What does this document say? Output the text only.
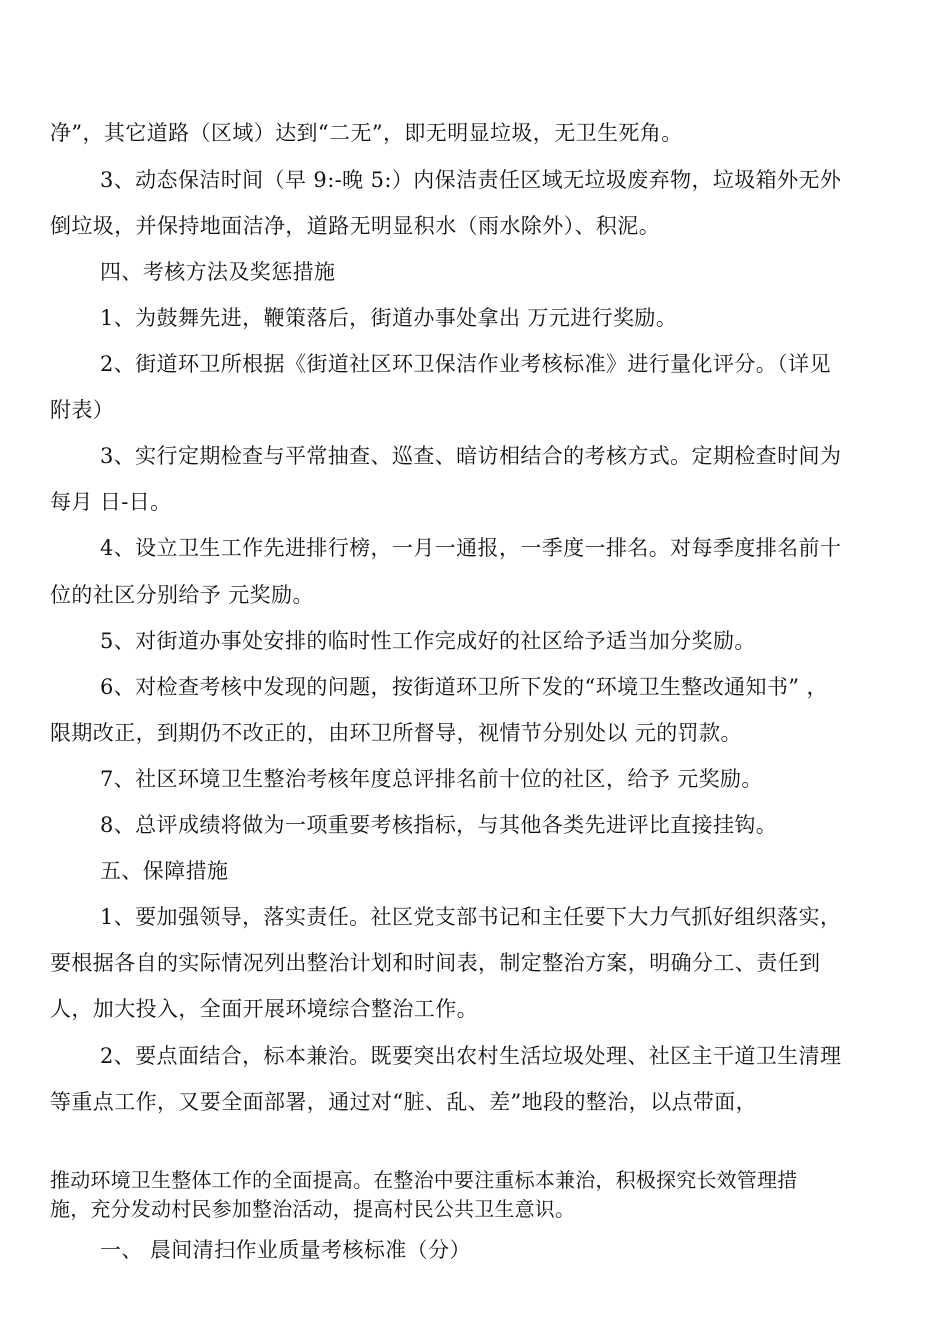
净”，其它道路（区域）达到“二无”，即无明显垃圾，无卫生死角。
3、动态保洁时间（早 9:-晚 5:）内保洁责任区域无垃圾废弃物，垃圾箱外无外
倒垃圾，并保持地面洁净，道路无明显积水（雨水除外）、积泥。
四、考核方法及奖惩措施
1、为鼓舞先进，鞭策落后，街道办事处拿出 万元进行奖励。
2、街道环卫所根据《街道社区环卫保洁作业考核标准》进行量化评分。（详见
附表）
3、实行定期检查与平常抽查、巡查、暗访相结合的考核方式。定期检查时间为
每月 日-日。
4、设立卫生工作先进排行榜，一月一通报，一季度一排名。对每季度排名前十
位的社区分别给予 元奖励。
5、对街道办事处安排的临时性工作完成好的社区给予适当加分奖励。
6、对检查考核中发现的问题，按街道环卫所下发的“环境卫生整改通知书” ，
限期改正，到期仍不改正的，由环卫所督导，视情节分别处以 元的罚款。
7、社区环境卫生整治考核年度总评排名前十位的社区，给予 元奖励。
8、总评成绩将做为一项重要考核指标，与其他各类先进评比直接挂钩。
五、保障措施
1、要加强领导，落实责任。社区党支部书记和主任要下大力气抓好组织落实，
要根据各自的实际情况列出整治计划和时间表，制定整治方案，明确分工、责任到
人，加大投入，全面开展环境综合整治工作。
2、要点面结合，标本兼治。既要突出农村生活垃圾处理、社区主干道卫生清理
等重点工作，又要全面部署，通过对“脏、乱、差”地段的整治，以点带面，
推动环境卫生整体工作的全面提高。在整治中要注重标本兼治，积极探究长效管理措
施，充分发动村民参加整治活动，提高村民公共卫生意识。
一、 晨间清扫作业质量考核标准（分）
